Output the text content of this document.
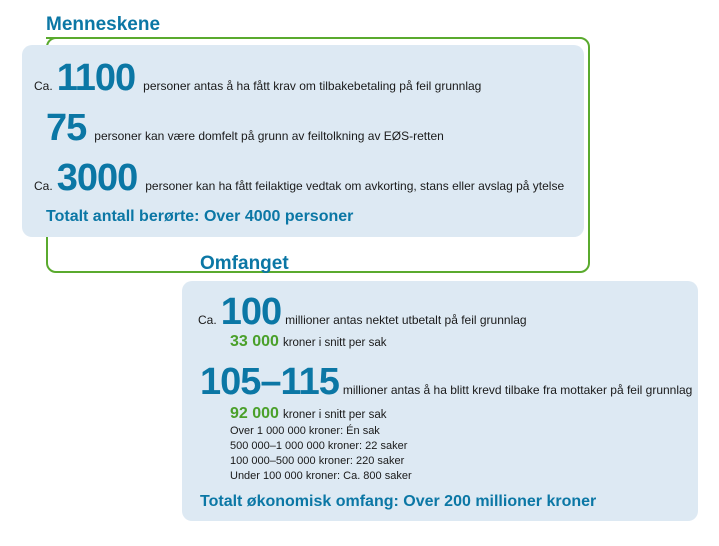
Menneskene
Ca. 1100 personer antas å ha fått krav om tilbakebetaling på feil grunnlag
75 personer kan være domfelt på grunn av feiltolkning av EØS-retten
Ca. 3000 personer kan ha fått feilaktige vedtak om avkorting, stans eller avslag på ytelse
Totalt antall berørte: Over 4000 personer
Omfanget
Ca. 100 millioner antas nektet utbetalt på feil grunnlag
33 000 kroner i snitt per sak
105–115 millioner antas å ha blitt krevd tilbake fra mottaker på feil grunnlag
92 000 kroner i snitt per sak
Over 1 000 000 kroner: Én sak
500 000–1 000 000 kroner: 22 saker
100 000–500 000 kroner: 220 saker
Under 100 000 kroner: Ca. 800 saker
Totalt økonomisk omfang: Over 200 millioner kroner
